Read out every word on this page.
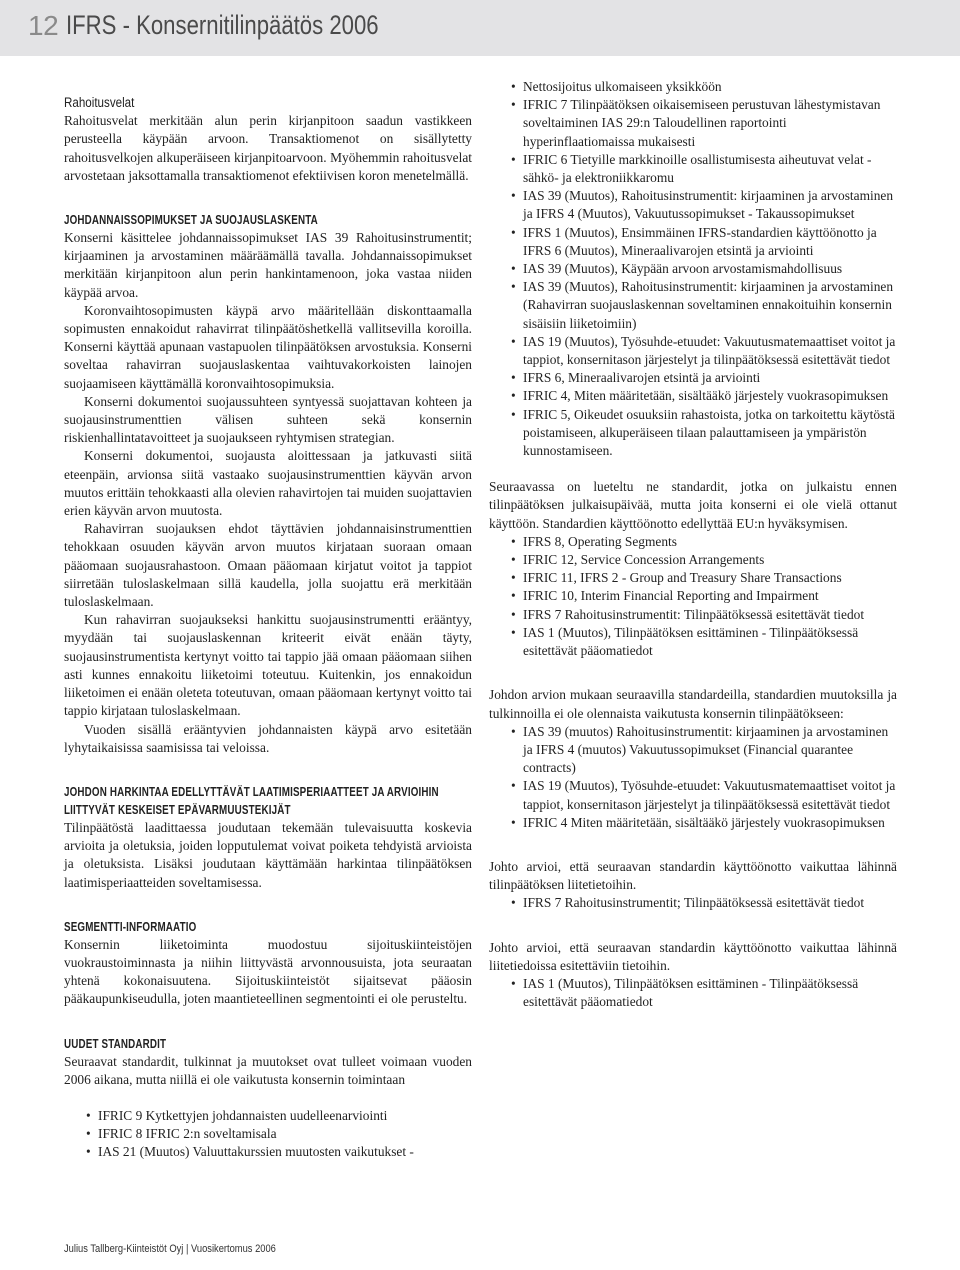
12 IFRS - Konsernitilinpäätös 2006
Rahoitusvelat

Rahoitusvelat merkitään alun perin kirjanpitoon saadun vastikkeen perusteella käypään arvoon. Transaktiomenot on sisällytetty rahoitusvelkojen alkuperäiseen kirjanpitoarvoon. Myöhemmin rahoitusvelat arvostetaan jaksottamalla transaktiomenot efektiivisen koron menetelmällä.

JOHDANNAISSOPIMUKSET JA SUOJAUSLASKENTA

Konserni käsittelee johdannaissopimukset IAS 39 Rahoitusinstrumentit; kirjaaminen ja arvostaminen määräämällä tavalla. Johdannaissopimukset merkitään kirjanpitoon alun perin hankintamenoon, joka vastaa niiden käypää arvoa.

Koronvaihtosopimusten käypä arvo määritellään diskonttaamalla sopimusten ennakoidut rahavirrat tilinpäätöshetkellä vallitsevilla koroilla. Konserni käyttää apunaan vastapuolen tilinpäätöksen arvostuksia. Konserni soveltaa rahavirran suojauslaskentaa vaihtuvakorkoisten lainojen suojaamiseen käyttämällä koronvaihtosopimuksia.

Konserni dokumentoi suojaussuhteen syntyessä suojattavan kohteen ja suojausinstrumenttien välisen suhteen sekä konsernin riskienhallintatavoitteet ja suojaukseen ryhtymisen strategian.

Konserni dokumentoi, suojausta aloittessaan ja jatkuvasti siitä eteenpäin, arvionsa siitä vastaako suojausinstrumenttien käyvän arvon muutos erittäin tehokkaasti alla olevien rahavirtojen tai muiden suojattavien erien käyvän arvon muutosta.

Rahavirran suojauksen ehdot täyttävien johdannaisinstrumenttien tehokkaan osuuden käyvän arvon muutos kirjataan suoraan omaan pääomaan suojausrahastoon. Omaan pääomaan kirjatut voitot ja tappiot siirretään tuloslaskelmaan sillä kaudella, jolla suojattu erä merkitään tuloslaskelmaan.

Kun rahavirran suojaukseksi hankittu suojausinstrumentti erääntyy, myydään tai suojauslaskennan kriteerit eivät enään täyty, suojausinstrumentista kertynyt voitto tai tappio jää omaan pääomaan siihen asti kunnes ennakoitu liiketoimi toteutuu. Kuitenkin, jos ennakoidun liiketoimen ei enään oleteta toteutuvan, omaan pääomaan kertynyt voitto tai tappio kirjataan tuloslaskelmaan.

Vuoden sisällä erääntyvien johdannaisten käypä arvo esitetään lyhytaikaisissa saamisissa tai veloissa.

JOHDON HARKINTAA EDELLYTTÄVÄT LAATIMISPERIAATTEET JA ARVIOIHIN
LIITTYVÄT KESKEISET EPÄVARMUUSTEKIJÄT

Tilinpäätöstä laadittaessa joudutaan tekemään tulevaisuutta koskevia arvioita ja oletuksia, joiden lopputulemat voivat poiketa tehdyistä arvioista ja oletuksista. Lisäksi joudutaan käyttämään harkintaa tilinpäätöksen laatimisperiaatteiden soveltamisessa.

SEGMENTTI-INFORMAATIO

Konsernin liiketoiminta muodostuu sijoituskiinteistöjen vuokraustoiminnasta ja niihin liittyvästä arvonnousuista, jota seuraatan yhtenä kokonaisuutena. Sijoituskiinteistöt sijaitsevat pääosin pääkaupunkiseudulla, joten maantieteellinen segmentointi ei ole perusteltu.

UUDET STANDARDIT

Seuraavat standardit, tulkinnat ja muutokset ovat tulleet voimaan vuoden 2006 aikana, mutta niillä ei ole vaikutusta konsernin toimintaan

• IFRIC 9 Kytkettyjen johdannaisten uudelleenarviointi
• IFRIC 8 IFRIC 2:n soveltamisala
• IAS 21 (Muutos) Valuuttakurssien muutosten vaikutukset -
• Nettosijoitus ulkomaiseen yksikköön
• IFRIC 7 Tilinpäätöksen oikaisemiseen perustuvan lähestymistavan soveltaiminen IAS 29:n Taloudellinen raportointi hyperinflaatiomaissa mukaisesti
• IFRIC 6 Tietyille markkinoille osallistumisesta aiheutuvat velat - sähkö- ja elektroniikkaromu
• IAS 39 (Muutos), Rahoitusinstrumentit: kirjaaminen ja arvostaminen ja IFRS 4 (Muutos), Vakuutussopimukset - Takaussopimukset
• IFRS 1 (Muutos), Ensimmäinen IFRS-standardien käyttöönotto ja IFRS 6 (Muutos), Mineraalivarojen etsintä ja arviointi
• IAS 39 (Muutos), Käypään arvoon arvostamismahdollisuus
• IAS 39 (Muutos), Rahoitusinstrumentit: kirjaaminen ja arvostaminen (Rahavirran suojauslaskennan soveltaminen ennakoituihin konsernin sisäisiin liiketoimiin)
• IAS 19 (Muutos), Työsuhde-etuudet: Vakuutusmatemaattiset voitot ja tappiot, konsernitason järjestelyt ja tilinpäätöksessä esitettävät tiedot
• IFRS 6, Mineraalivarojen etsintä ja arviointi
• IFRIC 4, Miten määritetään, sisältääkö järjestely vuokrasopimuksen
• IFRIC 5, Oikeudet osuuksiin rahastoista, jotka on tarkoitettu käytöstä poistamiseen, alkuperäiseen tilaan palauttamiseen ja ympäristön kunnostamiseen.

Seuraavassa on lueteltu ne standardit, jotka on julkaistu ennen tilinpäätöksen julkaisupäivää, mutta joita konserni ei ole vielä ottanut käyttöön. Standardien käyttöönotto edellyttää EU:n hyväksymisen.

• IFRS 8, Operating Segments
• IFRIC 12, Service Concession Arrangements
• IFRIC 11, IFRS 2 - Group and Treasury Share Transactions
• IFRIC 10, Interim Financial Reporting and Impairment
• IFRS 7 Rahoitusinstrumentit: Tilinpäätöksessä esitettävät tiedot
• IAS 1 (Muutos), Tilinpäätöksen esittäminen - Tilinpäätöksessä esitettävät pääomatiedot

Johdon arvion mukaan seuraavilla standardeilla, standardien muutoksilla ja tulkinnoilla ei ole olennaista vaikutusta konsernin tilinpäätökseen:

• IAS 39 (muutos) Rahoitusinstrumentit: kirjaaminen ja arvostaminen ja IFRS 4 (muutos) Vakuutussopimukset (Financial quarantee contracts)
• IAS 19 (Muutos), Työsuhde-etuudet: Vakuutusmatemaattiset voitot ja tappiot, konsernitason järjestelyt ja tilinpäätöksessä esitettävät tiedot
• IFRIC 4 Miten määritetään, sisältääkö järjestely vuokrasopimuksen

Johto arvioi, että seuraavan standardin käyttöönotto vaikuttaa lähinnä tilinpäätöksen liitetietoihin.

• IFRS 7 Rahoitusinstrumentit; Tilinpäätöksessä esitettävät tiedot

Johto arvioi, että seuraavan standardin käyttöönotto vaikuttaa lähinnä liitetiedoissa esitettäviin tietoihin.

• IAS 1 (Muutos), Tilinpäätöksen esittäminen - Tilinpäätöksessä esitettävät pääomatiedot
Julius Tallberg-Kiinteistöt Oyj | Vuosikertomus 2006
